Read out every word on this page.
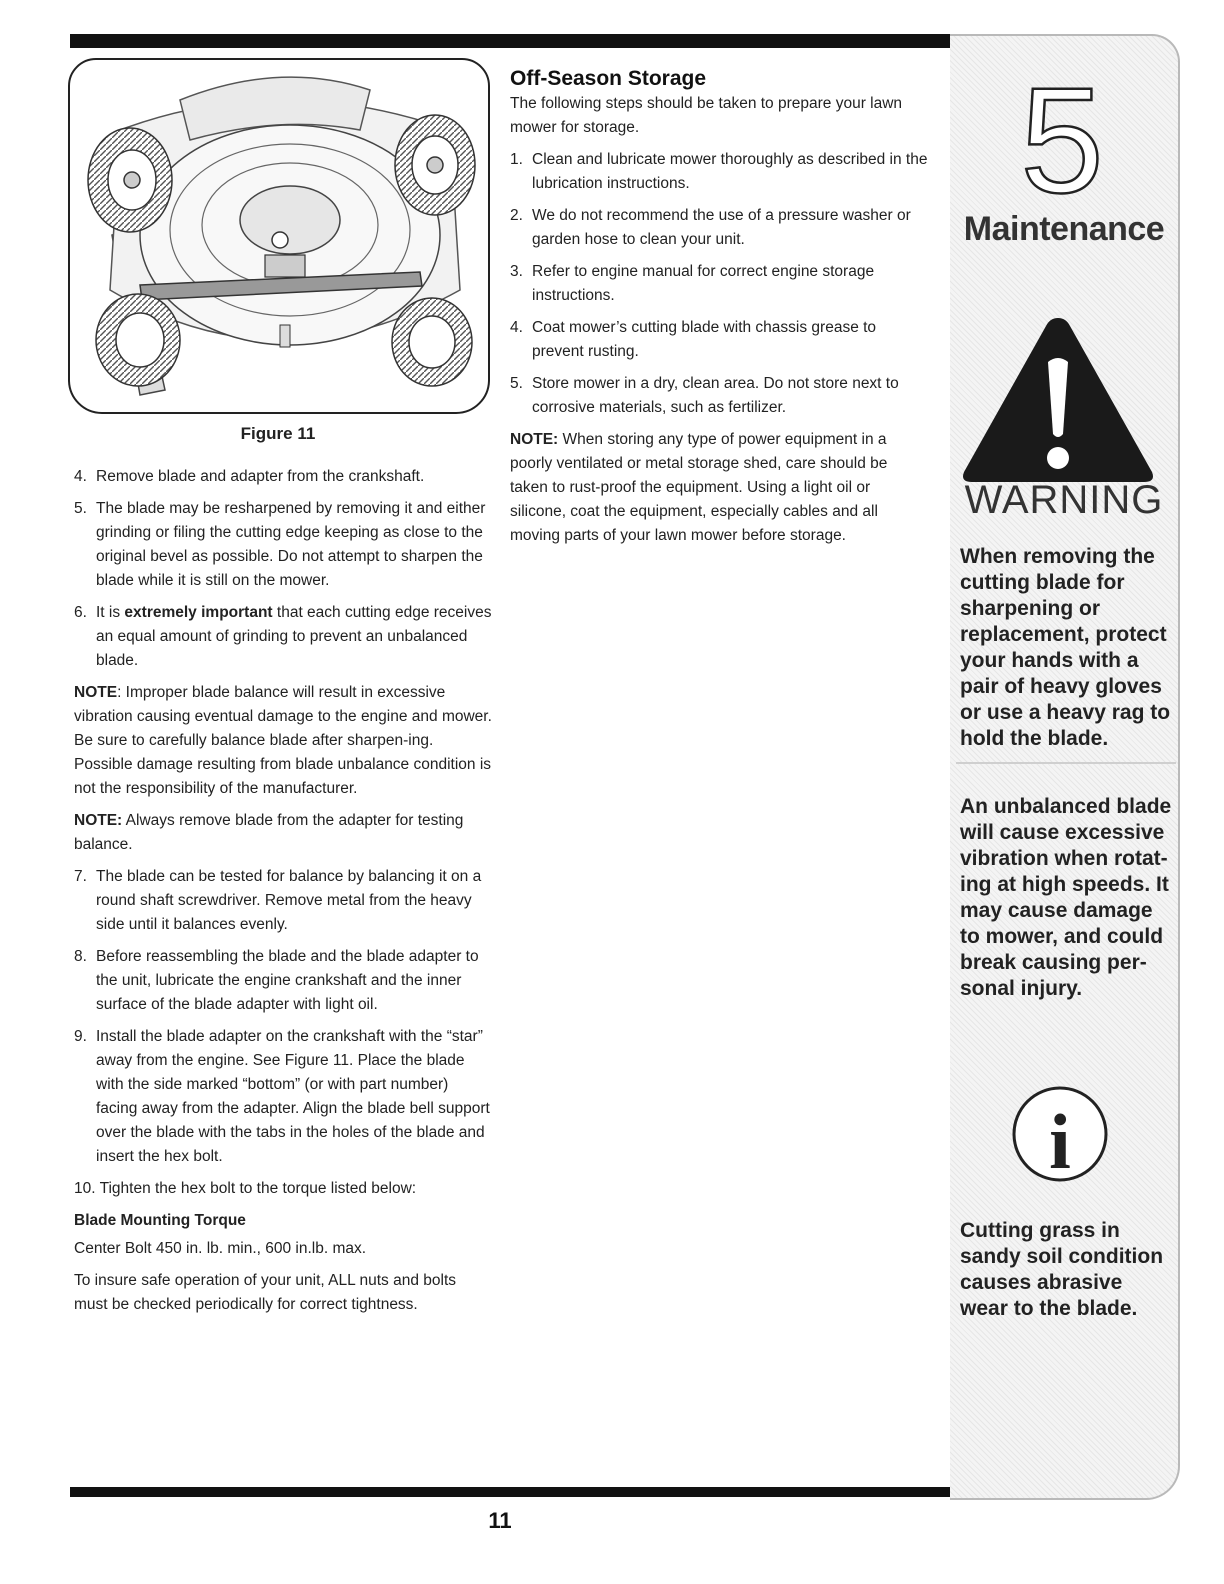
Figure 11
4. Remove blade and adapter from the crankshaft.
5. The blade may be resharpened by removing it and either grinding or filing the cutting edge keeping as close to the original bevel as possible. Do not attempt to sharpen the blade while it is still on the mower.
6. It is extremely important that each cutting edge receives an equal amount of grinding to prevent an unbalanced blade.

NOTE: Improper blade balance will result in excessive vibration causing eventual damage to the engine and mower. Be sure to carefully balance blade after sharpen-ing. Possible damage resulting from blade unbalance condition is not the responsibility of the manufacturer.

NOTE: Always remove blade from the adapter for testing balance.

7. The blade can be tested for balance by balancing it on a round shaft screwdriver. Remove metal from the heavy side until it balances evenly.
8. Before reassembling the blade and the blade adapter to the unit, lubricate the engine crankshaft and the inner surface of the blade adapter with light oil.
9. Install the blade adapter on the crankshaft with the “star” away from the engine. See Figure 11. Place the blade with the side marked “bottom” (or with part number) facing away from the adapter. Align the blade bell support over the blade with the tabs in the holes of the blade and insert the hex bolt.

10. Tighten the hex bolt to the torque listed below:

Blade Mounting Torque

Center Bolt 450 in. lb. min., 600 in.lb. max.

To insure safe operation of your unit, ALL nuts and bolts must be checked periodically for correct tightness.

Off-Season Storage

The following steps should be taken to prepare your lawn mower for storage.

1. Clean and lubricate mower thoroughly as described in the lubrication instructions.
2. We do not recommend the use of a pressure washer or garden hose to clean your unit.
3. Refer to engine manual for correct engine storage instructions.
4. Coat mower’s cutting blade with chassis grease to prevent rusting.
5. Store mower in a dry, clean area. Do not store next to corrosive materials, such as fertilizer.

NOTE: When storing any type of power equipment in a poorly ventilated or metal storage shed, care should be taken to rust-proof the equipment. Using a light oil or silicone, coat the equipment, especially cables and all moving parts of your lawn mower before storage.

5
Maintenance
WARNING
When removing the cutting blade for sharpening or replacement, protect your hands with a pair of heavy gloves or use a heavy rag to hold the blade.
An unbalanced blade will cause excessive vibration when rotat-ing at high speeds. It may cause damage to mower, and could break causing per-sonal injury.
i
Cutting grass in sandy soil condition causes abrasive wear to the blade.
11
